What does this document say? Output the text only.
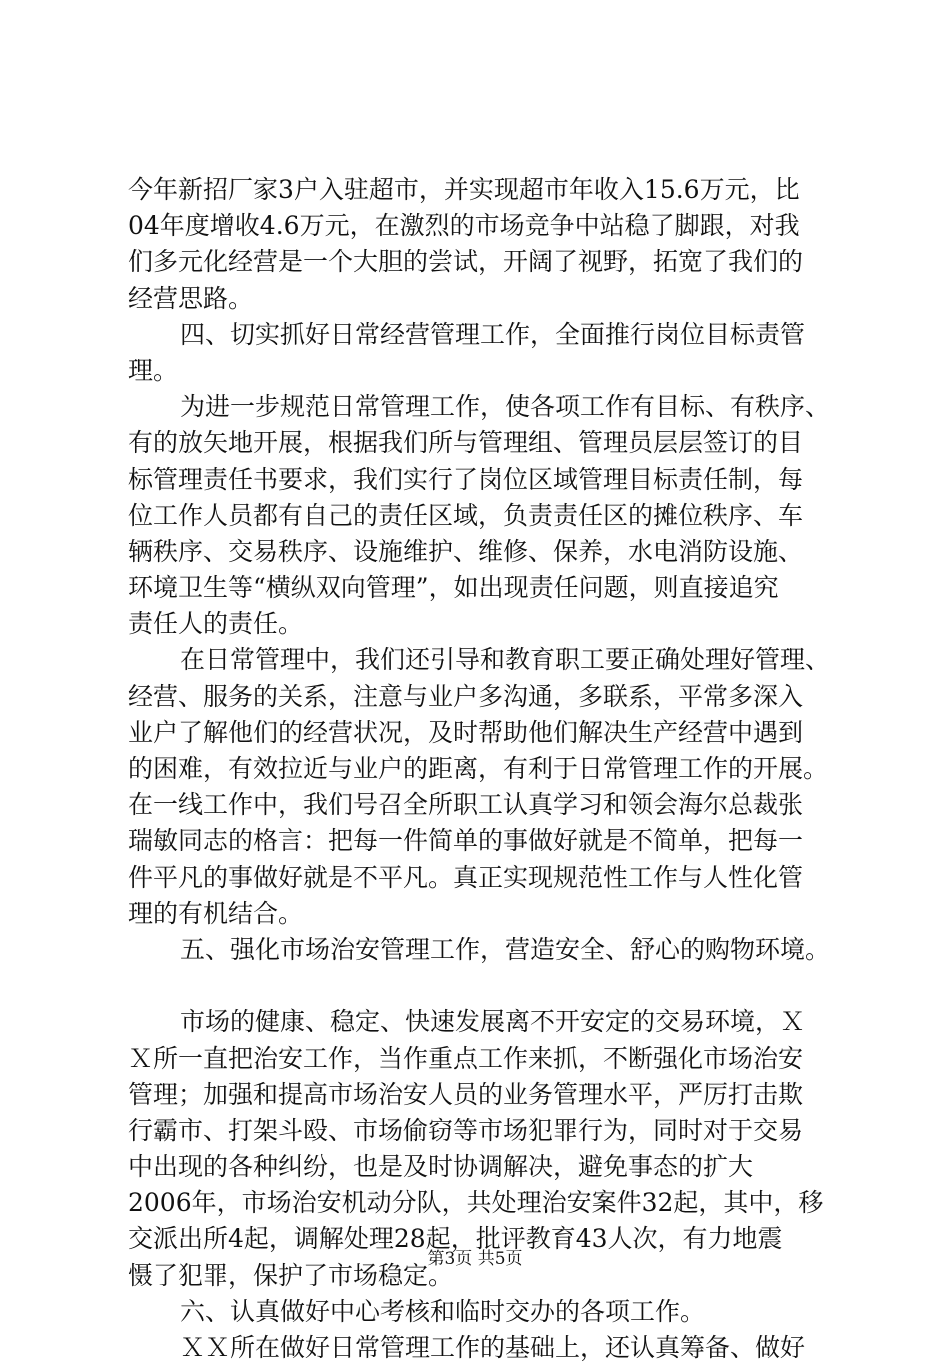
今年新招厂家3户入驻超市，并实现超市年收入15.6万元，比
04年度增收4.6万元，在激烈的市场竞争中站稳了脚跟，对我
们多元化经营是一个大胆的尝试，开阔了视野，拓宽了我们的
经营思路。
四、切实抓好日常经营管理工作，全面推行岗位目标责管
理。
为进一步规范日常管理工作，使各项工作有目标、有秩序、
有的放矢地开展，根据我们所与管理组、管理员层层签订的目
标管理责任书要求，我们实行了岗位区域管理目标责任制，每
位工作人员都有自己的责任区域，负责责任区的摊位秩序、车
辆秩序、交易秩序、设施维护、维修、保养，水电消防设施、
环境卫生等“横纵双向管理”，如出现责任问题，则直接追究
责任人的责任。
在日常管理中，我们还引导和教育职工要正确处理好管理、
经营、服务的关系，注意与业户多沟通，多联系，平常多深入
业户了解他们的经营状况，及时帮助他们解决生产经营中遇到
的困难，有效拉近与业户的距离，有利于日常管理工作的开展。
在一线工作中，我们号召全所职工认真学习和领会海尔总裁张
瑞敏同志的格言：把每一件简单的事做好就是不简单，把每一
件平凡的事做好就是不平凡。真正实现规范性工作与人性化管
理的有机结合。
五、强化市场治安管理工作，营造安全、舒心的购物环境。
市场的健康、稳定、快速发展离不开安定的交易环境，Ｘ
Ｘ所一直把治安工作，当作重点工作来抓，不断强化市场治安
管理；加强和提高市场治安人员的业务管理水平，严厉打击欺
行霸市、打架斗殴、市场偷窃等市场犯罪行为，同时对于交易
中出现的各种纠纷，也是及时协调解决，避免事态的扩大
2006年，市场治安机动分队，共处理治安案件32起，其中，移
交派出所4起，调解处理28起，批评教育43人次，有力地震
慑了犯罪，保护了市场稳定。
六、认真做好中心考核和临时交办的各项工作。
ＸＸ所在做好日常管理工作的基础上，还认真筹备、做好
第3页 共5页
